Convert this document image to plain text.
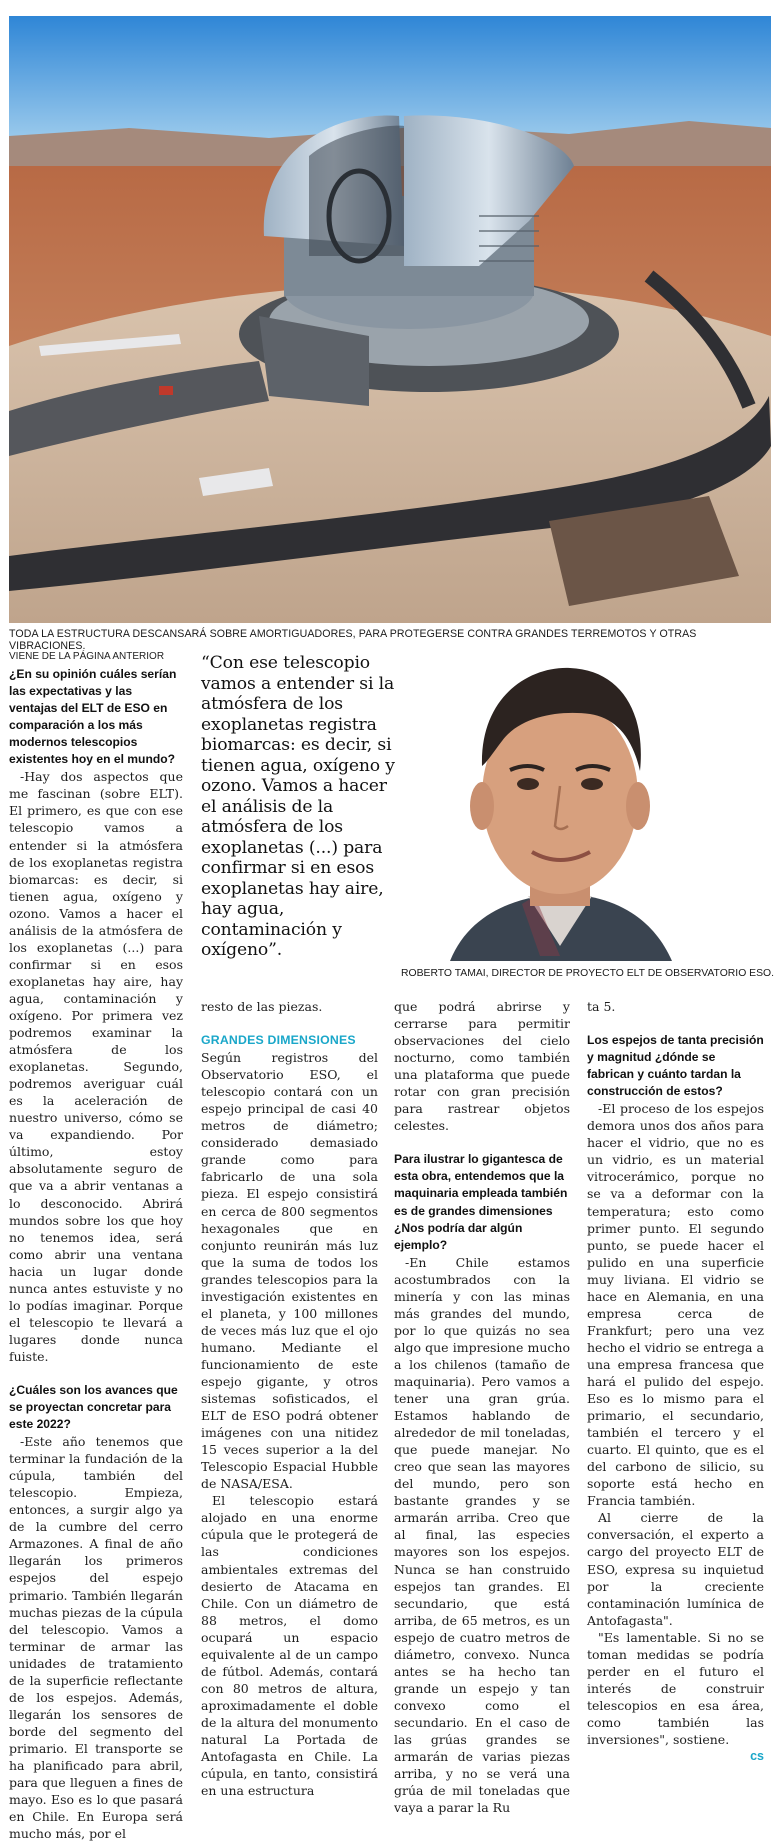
TODA LA ESTRUCTURA DESCANSARÁ SOBRE AMORTIGUADORES, PARA PROTEGERSE CONTRA GRANDES TERREMOTOS Y OTRAS VIBRACIONES.
VIENE DE LA PÁGINA ANTERIOR

¿En su opinión cuáles serían las expectativas y las ventajas del ELT de ESO en comparación a los más modernos telescopios existentes hoy en el mundo?

-Hay dos aspectos que me fascinan (sobre ELT). El primero, es que con ese telescopio vamos a entender si la atmósfera de los exoplanetas registra biomarcas: es decir, si tienen agua, oxígeno y ozono. Vamos a hacer el análisis de la atmósfera de los exoplanetas (...) para confirmar si en esos exoplanetas hay aire, hay agua, contaminación y oxígeno. Por primera vez podremos examinar la atmósfera de los exoplanetas. Segundo, podremos averiguar cuál es la aceleración de nuestro universo, cómo se va expandiendo. Por último, estoy absolutamente seguro de que va a abrir ventanas a lo desconocido. Abrirá mundos sobre los que hoy no tenemos idea, será como abrir una ventana hacia un lugar donde nunca antes estuviste y no lo podías imaginar. Porque el telescopio te llevará a lugares donde nunca fuiste.

¿Cuáles son los avances que se proyectan concretar para este 2022?

-Este año tenemos que terminar la fundación de la cúpula, también del telescopio. Empieza, entonces, a surgir algo ya de la cumbre del cerro Armazones. A final de año llegarán los primeros espejos del espejo primario. También llegarán muchas piezas de la cúpula del telescopio. Vamos a terminar de armar las unidades de tratamiento de la superficie reflectante de los espejos. Además, llegarán los sensores de borde del segmento del primario. El transporte se ha planificado para abril, para que lleguen a fines de mayo. Eso es lo que pasará en Chile. En Europa será mucho más, por el

“Con ese telescopio vamos a entender si la atmósfera de los exoplanetas registra biomarcas: es decir, si tienen agua, oxígeno y ozono. Vamos a hacer el análisis de la atmósfera de los exoplanetas (...) para confirmar si en esos exoplanetas hay aire, hay agua, contaminación y oxígeno”.
ROBERTO TAMAI, DIRECTOR DE PROYECTO ELT DE OBSERVATORIO ESO.

resto de las piezas.

GRANDES DIMENSIONES

Según registros del Observatorio ESO, el telescopio contará con un espejo principal de casi 40 metros de diámetro; considerado demasiado grande como para fabricarlo de una sola pieza. El espejo consistirá en cerca de 800 segmentos hexagonales que en conjunto reunirán más luz que la suma de todos los grandes telescopios para la investigación existentes en el planeta, y 100 millones de veces más luz que el ojo humano. Mediante el funcionamiento de este espejo gigante, y otros sistemas sofisticados, el ELT de ESO podrá obtener imágenes con una nitidez 15 veces superior a la del Telescopio Espacial Hubble de NASA/ESA.

El telescopio estará alojado en una enorme cúpula que le protegerá de las condiciones ambientales extremas del desierto de Atacama en Chile. Con un diámetro de 88 metros, el domo ocupará un espacio equivalente al de un campo de fútbol. Además, contará con 80 metros de altura, aproximadamente el doble de la altura del monumento natural La Portada de Antofagasta en Chile. La cúpula, en tanto, consistirá en una estructura

que podrá abrirse y cerrarse para permitir observaciones del cielo nocturno, como también una plataforma que puede rotar con gran precisión para rastrear objetos celestes.

Para ilustrar lo gigantesca de esta obra, entendemos que la maquinaria empleada también es de grandes dimensiones ¿Nos podría dar algún ejemplo?

-En Chile estamos acostumbrados con la minería y con las minas más grandes del mundo, por lo que quizás no sea algo que impresione mucho a los chilenos (tamaño de maquinaria). Pero vamos a tener una gran grúa. Estamos hablando de alrededor de mil toneladas, que puede manejar. No creo que sean las mayores del mundo, pero son bastante grandes y se armarán arriba. Creo que al final, las especies mayores son los espejos. Nunca se han construido espejos tan grandes. El secundario, que está arriba, de 65 metros, es un espejo de cuatro metros de diámetro, convexo. Nunca antes se ha hecho tan grande un espejo y tan convexo como el secundario. En el caso de las grúas grandes se armarán de varias piezas arriba, y no se verá una grúa de mil toneladas que vaya a parar la Ru

ta 5.

Los espejos de tanta precisión y magnitud ¿dónde se fabrican y cuánto tardan la construcción de estos?

-El proceso de los espejos demora unos dos años para hacer el vidrio, que no es un vidrio, es un material vitrocerámico, porque no se va a deformar con la temperatura; esto como primer punto. El segundo punto, se puede hacer el pulido en una superficie muy liviana. El vidrio se hace en Alemania, en una empresa cerca de Frankfurt; pero una vez hecho el vidrio se entrega a una empresa francesa que hará el pulido del espejo. Eso es lo mismo para el primario, el secundario, también el tercero y el cuarto. El quinto, que es el del carbono de silicio, su soporte está hecho en Francia también.

Al cierre de la conversación, el experto a cargo del proyecto ELT de ESO, expresa su inquietud por la creciente contaminación lumínica de Antofagasta".

"Es lamentable. Si no se toman medidas se podría perder en el futuro el interés de construir telescopios en esa área, como también las inversiones", sostiene.

cs
